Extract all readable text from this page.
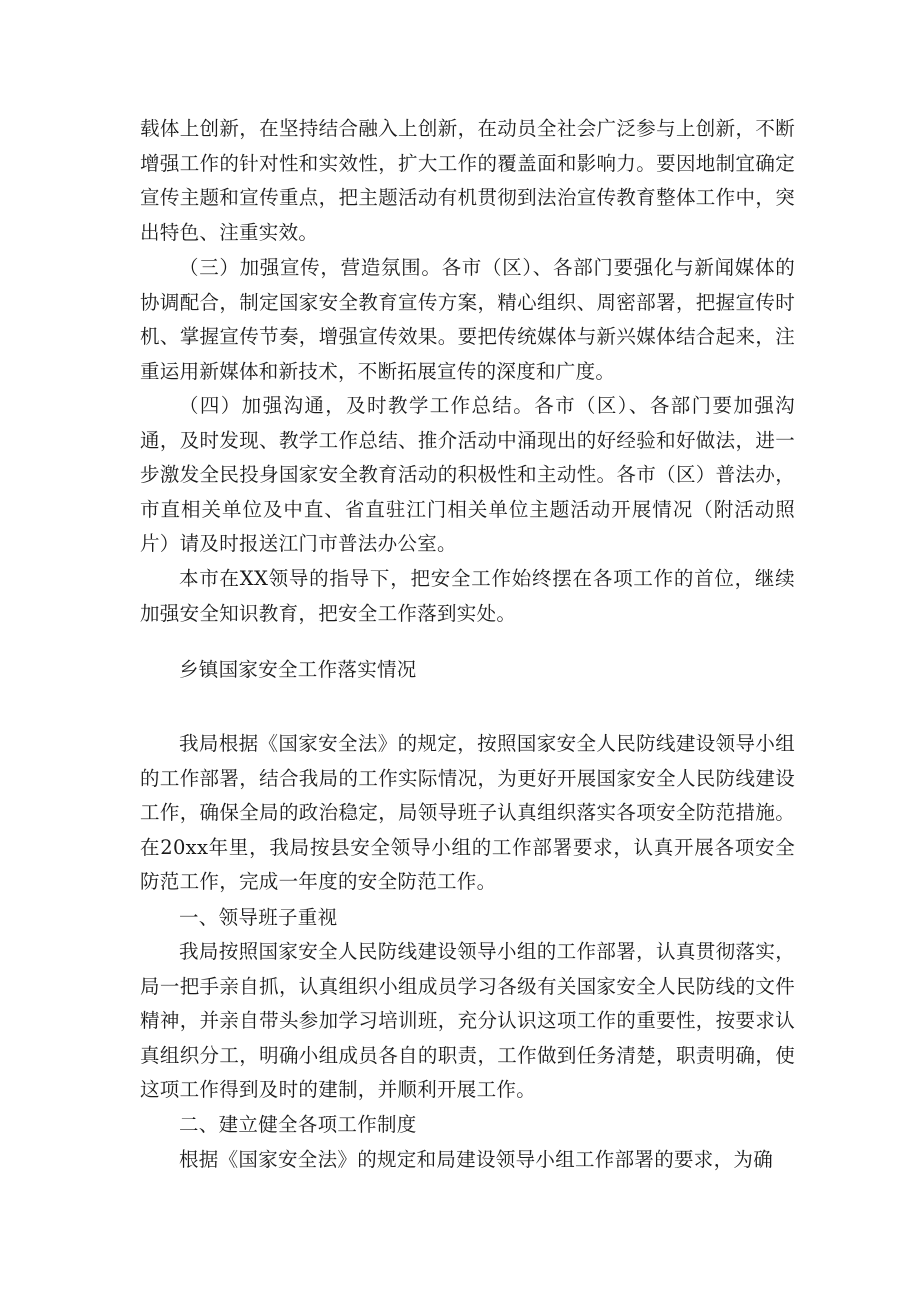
载体上创新，在坚持结合融入上创新，在动员全社会广泛参与上创新，不断增强工作的针对性和实效性，扩大工作的覆盖面和影响力。要因地制宜确定宣传主题和宣传重点，把主题活动有机贯彻到法治宣传教育整体工作中，突出特色、注重实效。

（三）加强宣传，营造氛围。各市（区）、各部门要强化与新闻媒体的协调配合，制定国家安全教育宣传方案，精心组织、周密部署，把握宣传时机、掌握宣传节奏，增强宣传效果。要把传统媒体与新兴媒体结合起来，注重运用新媒体和新技术，不断拓展宣传的深度和广度。

（四）加强沟通，及时教学工作总结。各市（区）、各部门要加强沟通，及时发现、教学工作总结、推介活动中涌现出的好经验和好做法，进一步激发全民投身国家安全教育活动的积极性和主动性。各市（区）普法办，市直相关单位及中直、省直驻江门相关单位主题活动开展情况（附活动照片）请及时报送江门市普法办公室。

本市在XX领导的指导下，把安全工作始终摆在各项工作的首位，继续加强安全知识教育，把安全工作落到实处。

乡镇国家安全工作落实情况

我局根据《国家安全法》的规定，按照国家安全人民防线建设领导小组的工作部署，结合我局的工作实际情况，为更好开展国家安全人民防线建设工作，确保全局的政治稳定，局领导班子认真组织落实各项安全防范措施。在20xx年里，我局按县安全领导小组的工作部署要求，认真开展各项安全防范工作，完成一年度的安全防范工作。

一、领导班子重视

我局按照国家安全人民防线建设领导小组的工作部署，认真贯彻落实，局一把手亲自抓，认真组织小组成员学习各级有关国家安全人民防线的文件精神，并亲自带头参加学习培训班，充分认识这项工作的重要性，按要求认真组织分工，明确小组成员各自的职责，工作做到任务清楚，职责明确，使这项工作得到及时的建制，并顺利开展工作。

二、建立健全各项工作制度

根据《国家安全法》的规定和局建设领导小组工作部署的要求，为确
